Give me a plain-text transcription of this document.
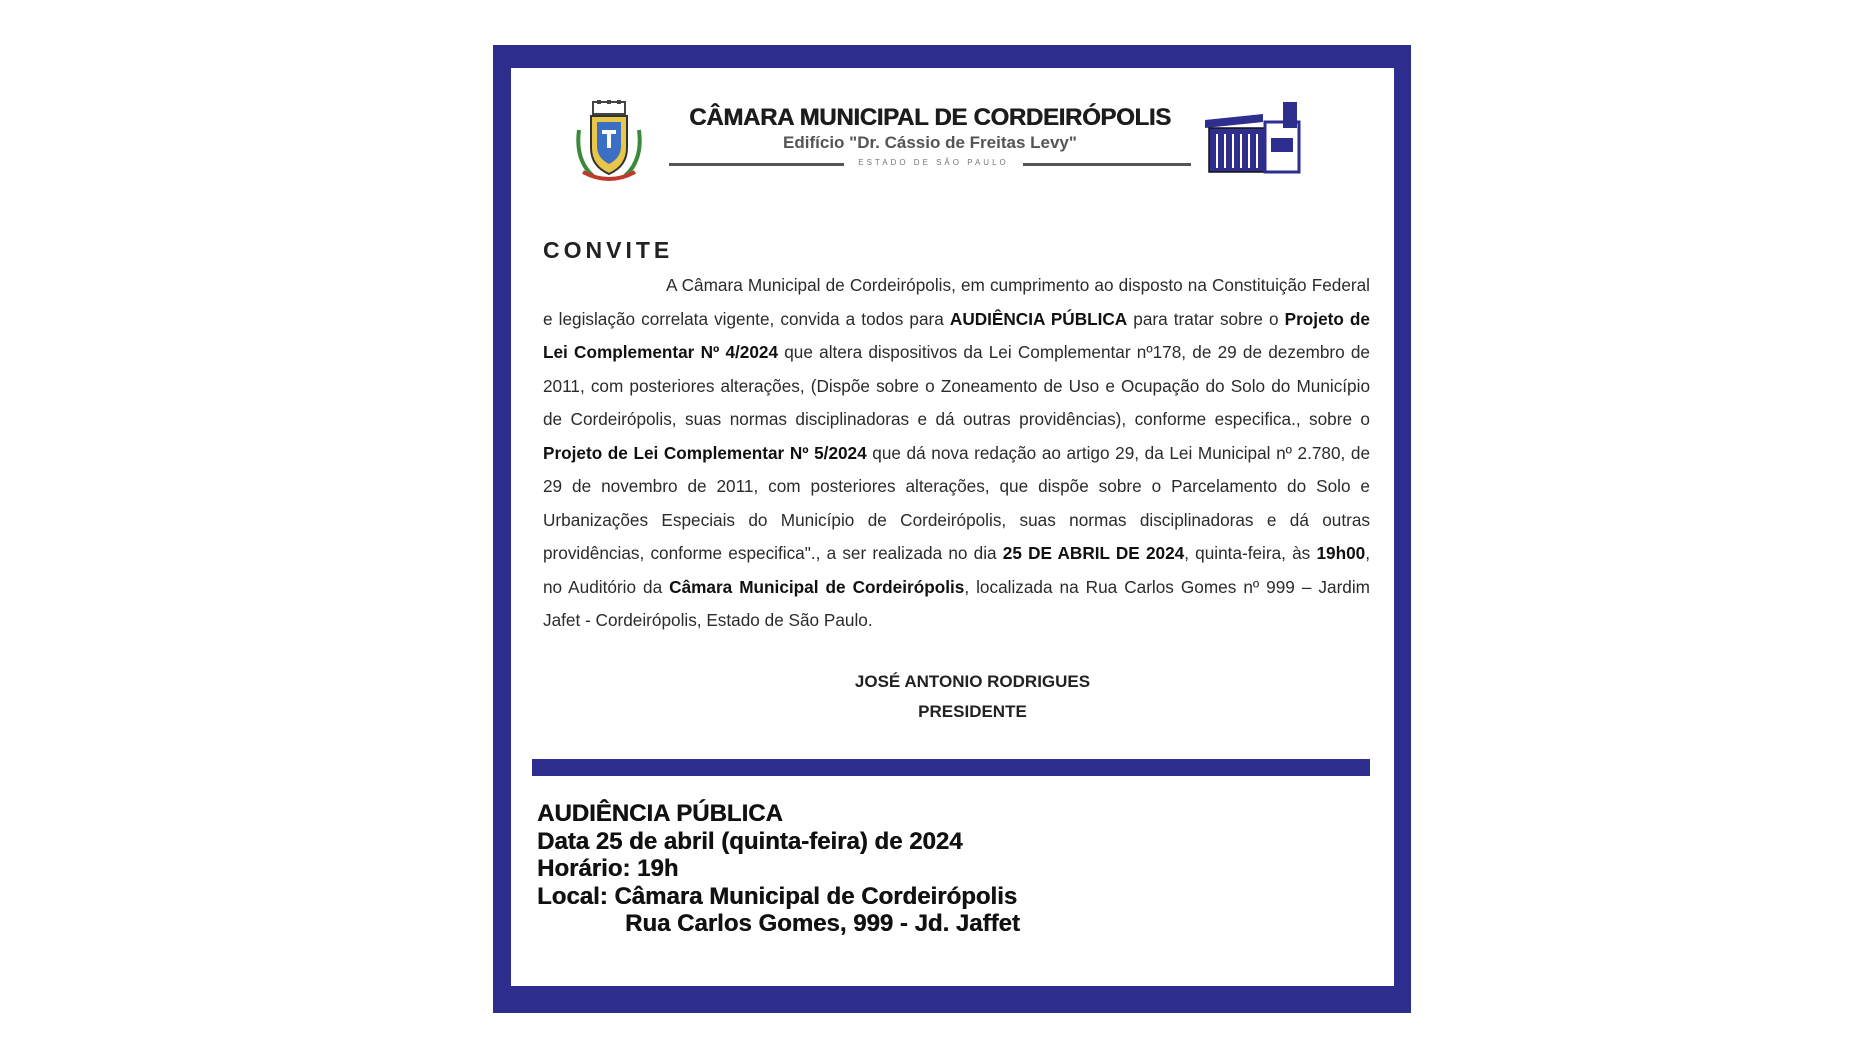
CÂMARA MUNICIPAL DE CORDEIRÓPOLIS
Edifício "Dr. Cássio de Freitas Levy"
ESTADO DE SÃO PAULO
CONVITE
A Câmara Municipal de Cordeirópolis, em cumprimento ao disposto na Constituição Federal e legislação correlata vigente, convida a todos para AUDIÊNCIA PÚBLICA para tratar sobre o Projeto de Lei Complementar Nº 4/2024 que altera dispositivos da Lei Complementar nº178, de 29 de dezembro de 2011, com posteriores alterações, (Dispõe sobre o Zoneamento de Uso e Ocupação do Solo do Município de Cordeirópolis, suas normas disciplinadoras e dá outras providências), conforme especifica., sobre o Projeto de Lei Complementar Nº 5/2024 que dá nova redação ao artigo 29, da Lei Municipal nº 2.780, de 29 de novembro de 2011, com posteriores alterações, que dispõe sobre o Parcelamento do Solo e Urbanizações Especiais do Município de Cordeirópolis, suas normas disciplinadoras e dá outras providências, conforme especifica"., a ser realizada no dia 25 DE ABRIL DE 2024, quinta-feira, às 19h00, no Auditório da Câmara Municipal de Cordeirópolis, localizada na Rua Carlos Gomes nº 999 – Jardim Jafet - Cordeirópolis, Estado de São Paulo.
JOSÉ ANTONIO RODRIGUES
PRESIDENTE
AUDIÊNCIA PÚBLICA
Data 25 de abril (quinta-feira) de 2024
Horário: 19h
Local: Câmara Municipal de Cordeirópolis
Rua Carlos Gomes, 999 - Jd. Jaffet
